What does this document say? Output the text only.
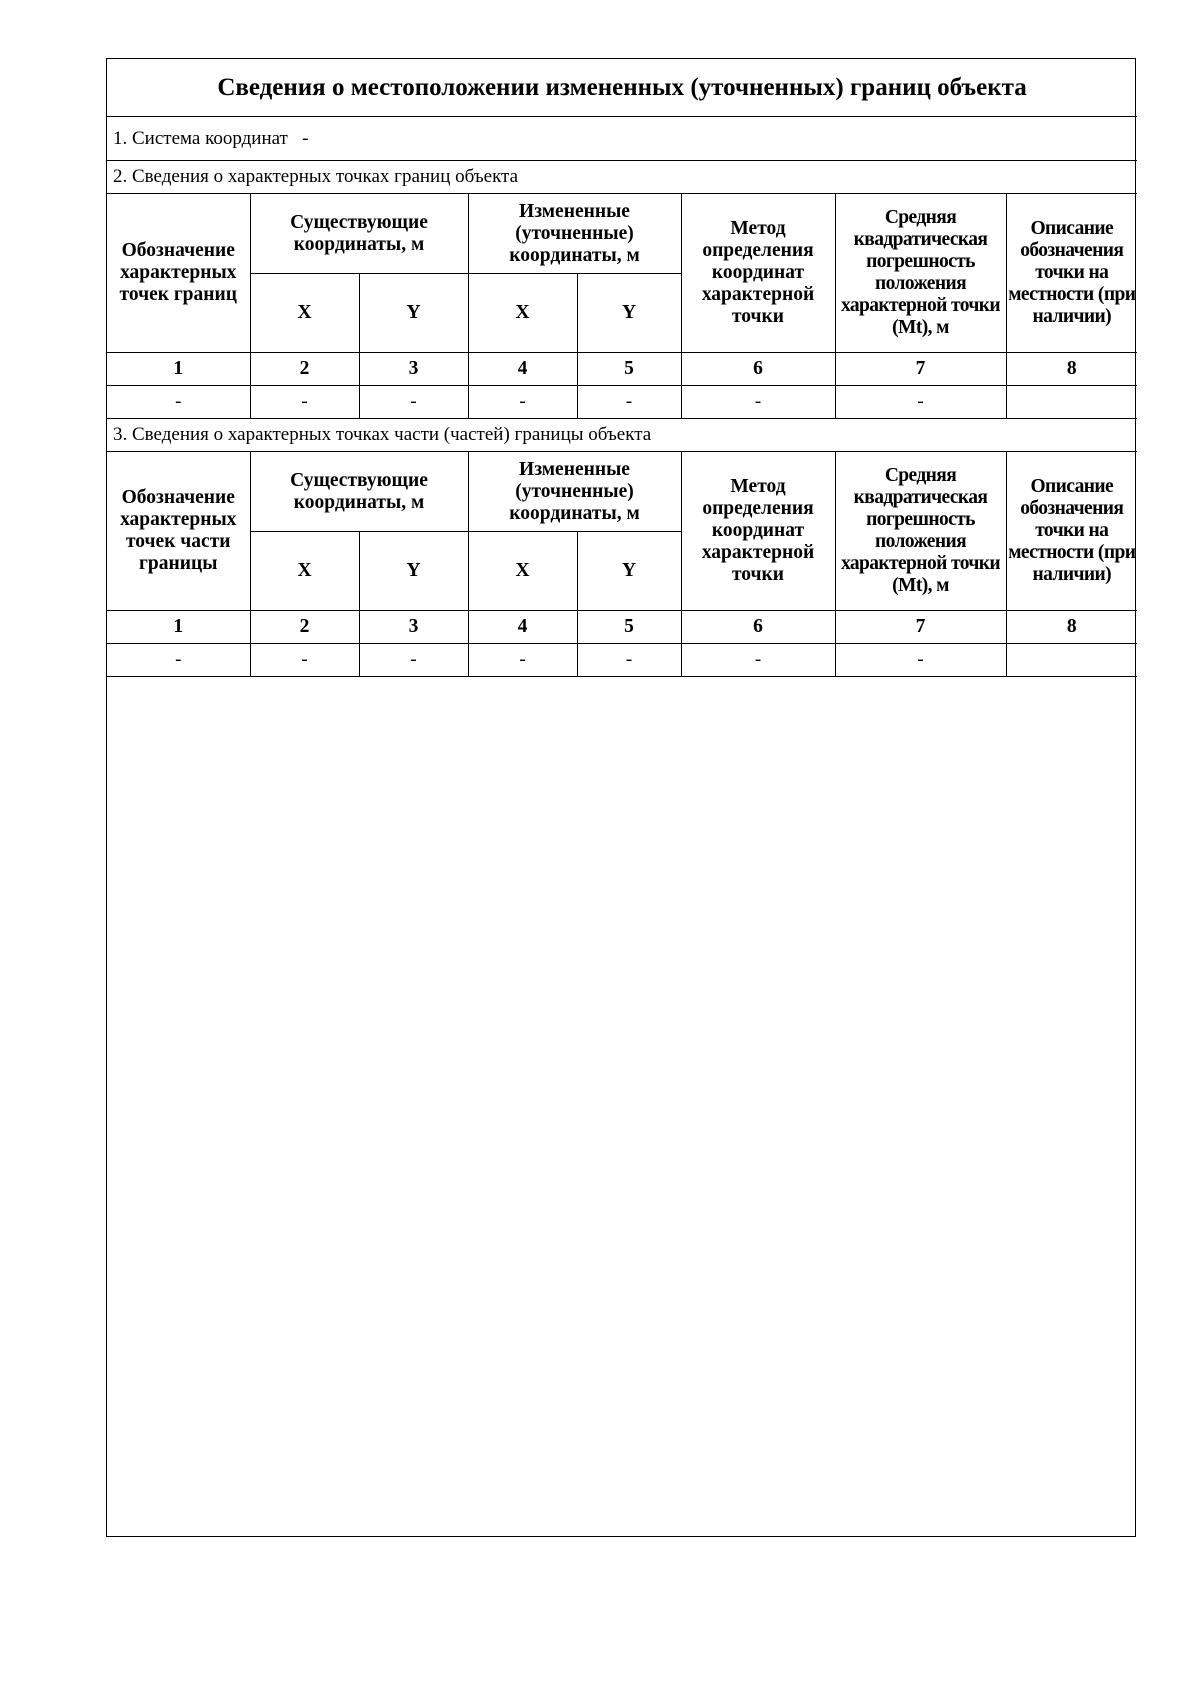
Сведения о местоположении измененных (уточненных) границ объекта							
1. Система координат -							
2. Сведения о характерных точках границ объекта							
Обозначение характерных точек границ	Существующие координаты, м		Измененные (уточненные) координаты, м		Метод определения координат характерной точки	Средняя квадратическая погрешность положения характерной точки (Mt), м	Описание обозначения точки на местности (при наличии)
	X	Y	X	Y			
1	2	3	4	5	6	7	8
-	-	-	-	-	-	-	
3. Сведения о характерных точках части (частей) границы объекта							
Обозначение характерных точек части границы	Существующие координаты, м		Измененные (уточненные) координаты, м		Метод определения координат характерной точки	Средняя квадратическая погрешность положения характерной точки (Mt), м	Описание обозначения точки на местности (при наличии)
	X	Y	X	Y			
1	2	3	4	5	6	7	8
-	-	-	-	-	-	-	
